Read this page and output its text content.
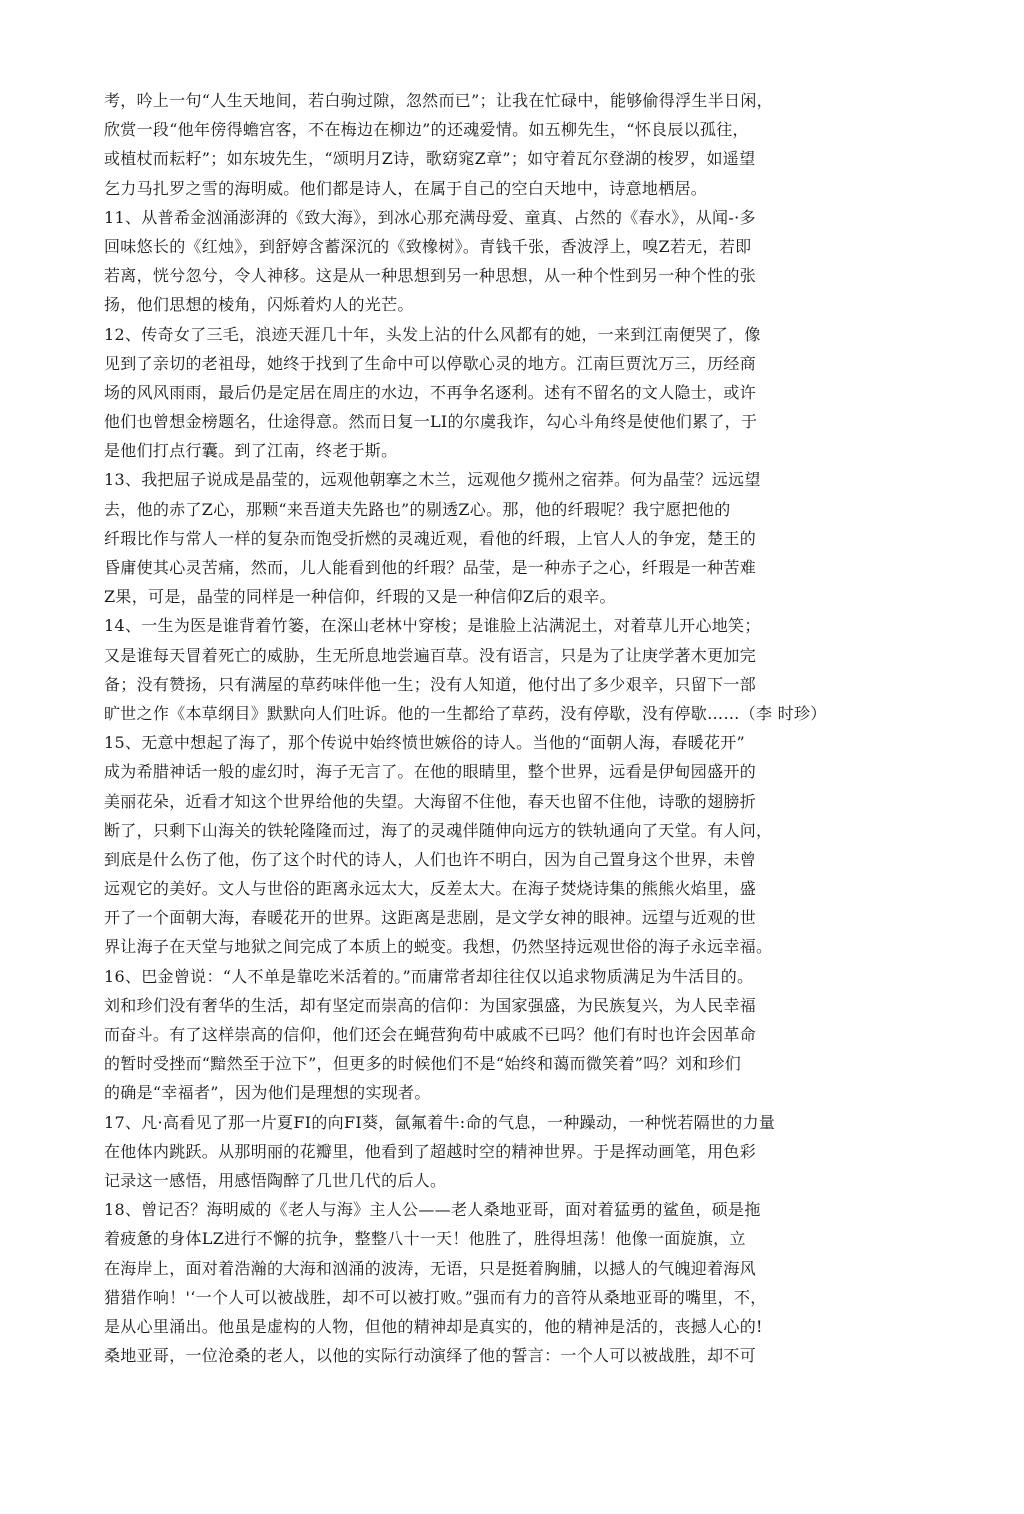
考，吟上一句“人生天地间，若白驹过隙，忽然而已”；让我在忙碌中，能够偷得浮生半日闲，
欣赏一段“他年傍得蟾宫客，不在梅边在柳边”的还魂爱情。如五柳先生，“怀良辰以孤往，
或植杖而耘耔”；如东坡先生，“颂明月Z诗，歌窈窕Z章”；如守着瓦尔登湖的梭罗，如遥望
乞力马扎罗之雪的海明威。他们都是诗人，在属于自己的空白天地中，诗意地栖居。
11、从普希金汹涌澎湃的《致大海》，到冰心那充满母爱、童真、占然的《春水》，从闻-·多
回味悠长的《红烛》，到舒婷含蓄深沉的《致橡树》。青钱千张，香波浮上，嗅Z若无，若即
若离，恍兮忽兮，令人神移。这是从一种思想到另一种思想，从一种个性到另一种个性的张
扬，他们思想的棱角，闪烁着灼人的光芒。
12、传奇女了三毛，浪迹天涯几十年，头发上沾的什么风都有的她，一来到江南便哭了，像
见到了亲切的老祖母，她终于找到了生命中可以停歇心灵的地方。江南巨贾沈万三，历经商
场的风风雨雨，最后仍是定居在周庄的水边，不再争名逐利。述有不留名的文人隐士，或许
他们也曾想金榜题名，仕途得意。然而日复一LI的尔虞我诈，勾心斗角终是使他们累了，于
是他们打点行囊。到了江南，终老于斯。
13、我把屈子说成是晶莹的，远观他朝搴之木兰，远观他夕揽州之宿莽。何为晶莹？远远望
去，他的赤了Z心，那颗“来吾道夫先路也”的剔透Z心。那，他的纤瑕呢？我宁愿把他的
纤瑕比作与常人一样的复杂而饱受折燃的灵魂近观，看他的纤瑕，上官人人的争宠，楚王的
昏庸使其心灵苦痛，然而，儿人能看到他的纤瑕？品莹，是一种赤子之心，纤瑕是一种苦难
Z果，可是，晶莹的同样是一种信仰，纤瑕的又是一种信仰Z后的艰辛。
14、一生为医是谁背着竹篓，在深山老林屮穿梭；是谁脸上沾满泥土，对着草儿开心地笑；
又是谁每天冒着死亡的威胁，生无所息地尝遍百草。没有语言，只是为了让庚学著木更加完
备；没有赞扬，只有满屋的草药味伴他一生；没有人知道，他付出了多少艰辛，只留下一部
旷世之作《本草纲目》默默向人们吐诉。他的一生都给了草药，没有停歇，没有停歇……（李 时珍）
15、无意中想起了海了，那个传说中始终愤世嫉俗的诗人。当他的“面朝人海，春暖花开”
成为希腊神话一般的虚幻时，海子无言了。在他的眼睛里，整个世界，远看是伊甸园盛开的
美丽花朵，近看才知这个世界给他的失望。大海留不住他，春天也留不住他，诗歌的翅膀折
断了，只剩下山海关的铁轮隆隆而过，海了的灵魂伴随伸向远方的铁轨通向了天堂。有人问，
到底是什么伤了他，伤了这个时代的诗人，人们也许不明白，因为自己置身这个世界，未曾
远观它的美好。文人与世俗的距离永远太大，反差太大。在海子焚烧诗集的熊熊火焰里，盛
开了一个面朝大海，春暖花开的世界。这距离是悲剧，是文学女神的眼神。远望与近观的世
界让海子在天堂与地狱之间完成了本质上的蜕变。我想，仍然坚持远观世俗的海子永远幸福。
16、巴金曾说：“人不单是靠吃米活着的。”而庸常者却往往仅以追求物质满足为牛活目的。
刘和珍们没有奢华的生活，却有坚定而崇高的信仰：为国家强盛，为民族复兴，为人民幸福
而奋斗。有了这样崇高的信仰，他们还会在蝇营狗苟中戚戚不已吗？他们有时也许会因革命
的暂时受挫而“黯然至于泣下”，但更多的时候他们不是“始终和蔼而微笑着”吗？刘和珍们
的确是“幸福者”，因为他们是理想的实现者。
17、凡·高看见了那一片夏FI的向FI葵，氤氟着牛:命的气息，一种躁动，一种恍若隔世的力量
在他体内跳跃。从那明丽的花瓣里，他看到了超越时空的精神世界。于是挥动画笔，用色彩
记录这一感悟，用感悟陶醉了几世几代的后人。
18、曾记否？海明威的《老人与海》主人公——老人桑地亚哥，面对着猛勇的鲨鱼，硕是拖
着疲惫的身体LZ进行不懈的抗争，整整八十一天！他胜了，胜得坦荡！他像一面旋旗，立
在海岸上，面对着浩瀚的大海和汹涌的波涛，无语，只是挺着胸脯，以撼人的气魄迎着海风
猎猎作响！'‘一个人可以被战胜，却不可以被打败。”强而有力的音符从桑地亚哥的嘴里，不，
是从心里涌出。他虽是虚构的人物，但他的精神却是真实的，他的精神是活的，丧撼人心的!
桑地亚哥，一位沧桑的老人，以他的实际行动演绎了他的誓言：一个人可以被战胜，却不可
